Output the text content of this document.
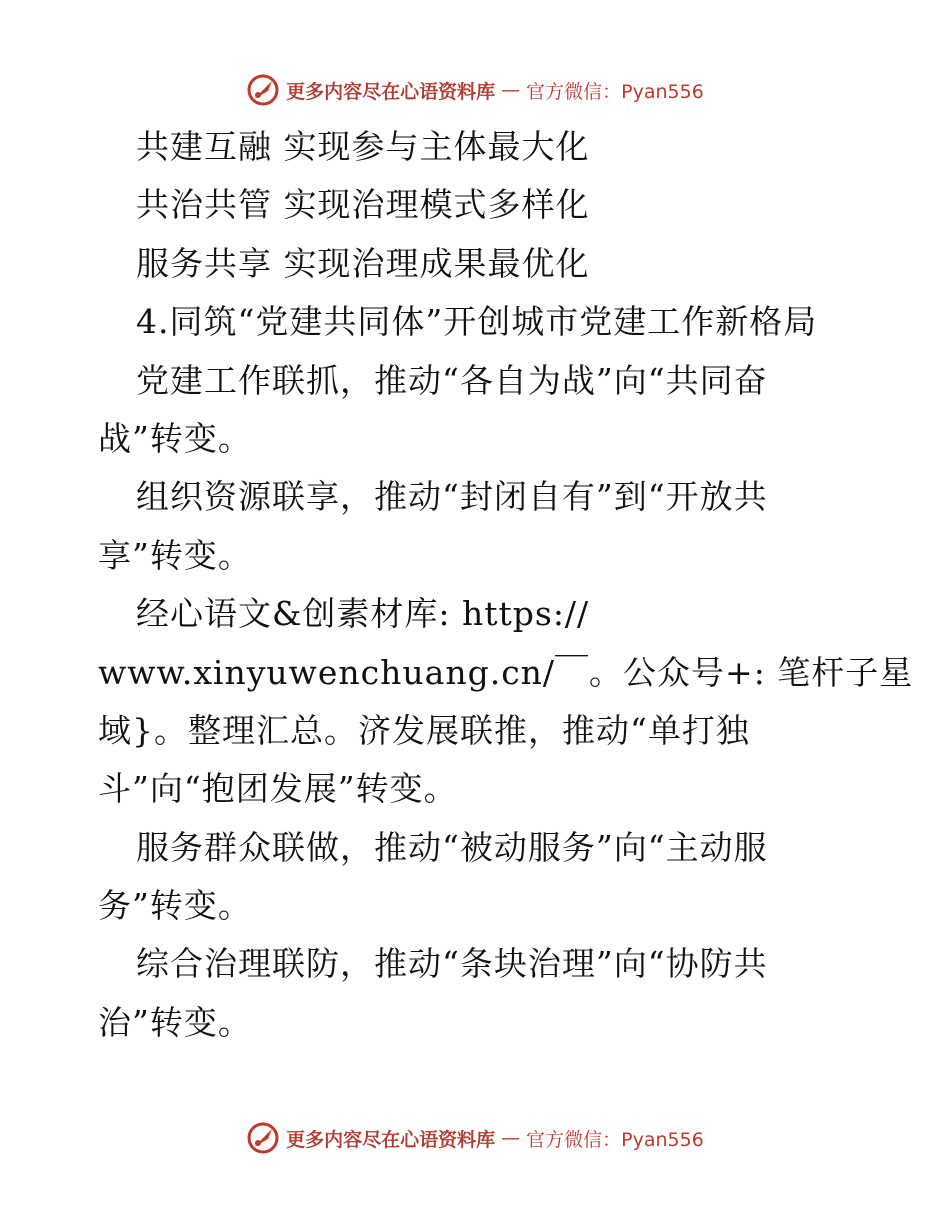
更多内容尽在心语资料库 — 官方微信：Pyan556
共建互融 实现参与主体最大化
共治共管 实现治理模式多样化
服务共享 实现治理成果最优化
4.同筑“党建共同体”开创城市党建工作新格局
党建工作联抓，推动“各自为战”向“共同奋
战”转变。
组织资源联享，推动“封闭自有”到“开放共
享”转变。
经心语文&创素材库: https://
www.xinyuwenchuang.cn/￣。公众号+: 笔杆子星
域}。整理汇总。济发展联推，推动“单打独
斗”向“抱团发展”转变。
服务群众联做，推动“被动服务”向“主动服
务”转变。
综合治理联防，推动“条块治理”向“协防共
治”转变。
更多内容尽在心语资料库 — 官方微信：Pyan556
